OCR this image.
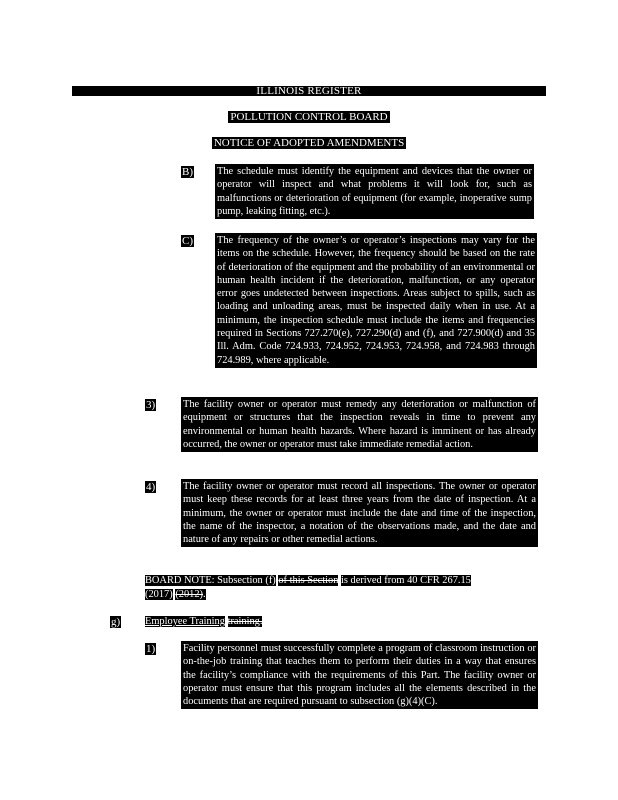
ILLINOIS REGISTER
POLLUTION CONTROL BOARD
NOTICE OF ADOPTED AMENDMENTS
B) The schedule must identify the equipment and devices that the owner or operator will inspect and what problems it will look for, such as malfunctions or deterioration of equipment (for example, inoperative sump pump, leaking fitting, etc.).
C) The frequency of the owner’s or operator’s inspections may vary for the items on the schedule. However, the frequency should be based on the rate of deterioration of the equipment and the probability of an environmental or human health incident if the deterioration, malfunction, or any operator error goes undetected between inspections. Areas subject to spills, such as loading and unloading areas, must be inspected daily when in use. At a minimum, the inspection schedule must include the items and frequencies required in Sections 727.270(e), 727.290(d) and (f), and 727.900(d) and 35 Ill. Adm. Code 724.933, 724.952, 724.953, 724.958, and 724.983 through 724.989, where applicable.
3)	The facility owner or operator must remedy any deterioration or malfunction of equipment or structures that the inspection reveals in time to prevent any environmental or human health hazards. Where hazard is imminent or has already occurred, the owner or operator must take immediate remedial action.
4)	The facility owner or operator must record all inspections. The owner or operator must keep these records for at least three years from the date of inspection. At a minimum, the owner or operator must include the date and time of the inspection, the name of the inspector, a notation of the observations made, and the date and nature of any repairs or other remedial actions.
BOARD NOTE: Subsection (f) of this Section is derived from 40 CFR 267.15
(2017) (2012).
g) Employee Training training.
1)	Facility personnel must successfully complete a program of classroom instruction or on-the-job training that teaches them to perform their duties in a way that ensures the facility’s compliance with the requirements of this Part. The facility owner or operator must ensure that this program includes all the elements described in the documents that are required pursuant to subsection (g)(4)(C).
